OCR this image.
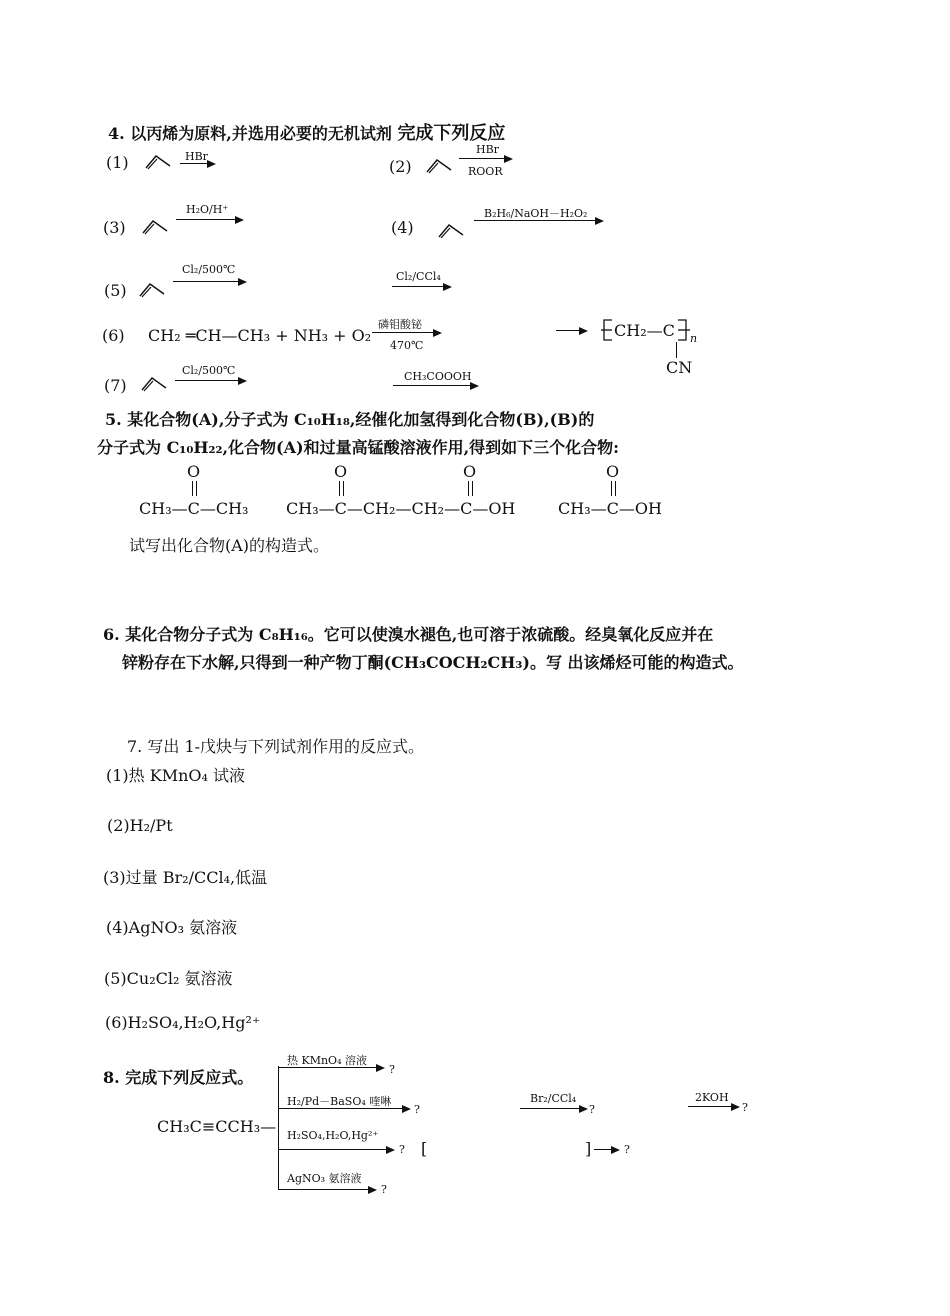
4. 以丙烯为原料,并选用必要的无机试剂 完成下列反应
(1)	HBr
(2)
HBr
ROOR
(3)
H₂O/H⁺
(4)
B₂H₆/NaOH－H₂O₂
(5)
Cl₂/500℃
Cl₂/CCl₄
(6) CH₂ ═CH—CH₃ + NH₃ + O₂
磷钼酸铋
470℃
CH₂—C n
CN
(7)
Cl₂/500℃	CH₃COOOH
5. 某化合物(A),分子式为 C₁₀H₁₈,经催化加氢得到化合物(B),(B)的
分子式为 C₁₀H₂₂,化合物(A)和过量高锰酸溶液作用,得到如下三个化合物:
O
CH₃—C—CH₃
O	O
CH₃—C—CH₂—CH₂—C—OH
O
CH₃—C—OH
试写出化合物(A)的构造式。
6. 某化合物分子式为 C₈H₁₆。它可以使溴水褪色,也可溶于浓硫酸。经臭氧化反应并在
锌粉存在下水解,只得到一种产物丁酮(CH₃COCH₂CH₃)。写 出该烯烃可能的构造式。
7. 写出 1-戊炔与下列试剂作用的反应式。
(1)热 KMnO₄ 试液
(2)H₂/Pt
(3)过量 Br₂/CCl₄,低温
(4)AgNO₃ 氨溶液
(5)Cu₂Cl₂ 氨溶液
(6)H₂SO₄,H₂O,Hg²⁺
8. 完成下列反应式。
CH₃C≡CCH₃—
热 KMnO₄ 溶液
?
H₂/Pd－BaSO₄ 喹啉
?
Br₂/CCl₄
?
2KOH
→ ?
H₂SO₄,H₂O,Hg²⁺
? [	] → ?
AgNO₃ 氨溶液
?
